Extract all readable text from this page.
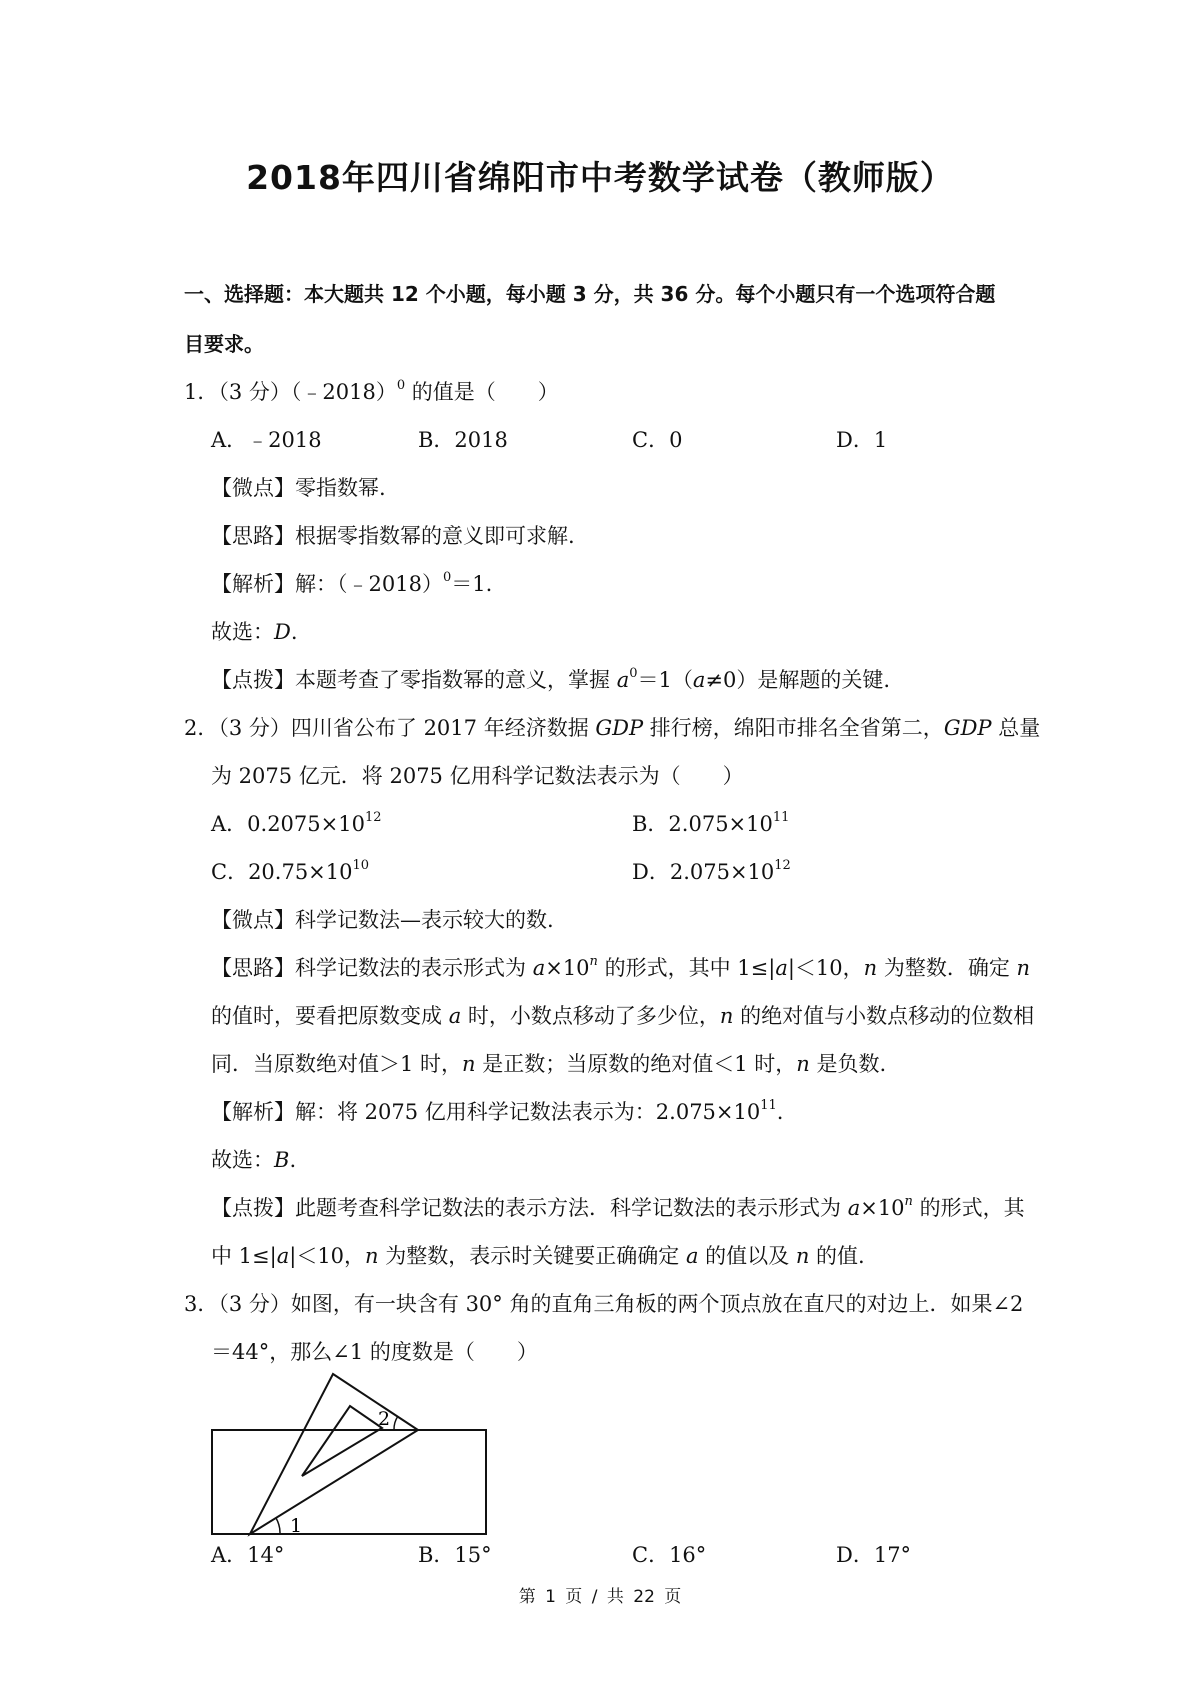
2018年四川省绵阳市中考数学试卷（教师版）
一、选择题：本大题共 12 个小题，每小题 3 分，共 36 分。每个小题只有一个选项符合题
目要求。
1．（3 分）（﹣2018）$^0$ 的值是（　　）
A．﹣2018	B．2018	C．0	D．1
【微点】零指数幂.
【思路】根据零指数幂的意义即可求解.
【解析】解：（﹣2018）$^0$＝1.
故选：D.
【点拨】本题考查了零指数幂的意义，掌握 $a^0=1(a\ne 0)$是解题的关键.
2．（3 分）四川省公布了 2017 年经济数据 GDP 排行榜，绵阳市排名全省第二，GDP 总量
为 2075 亿元．将 2075 亿用科学记数法表示为（　　）
A．$0.2075\times 10^{12}$	B．$2.075\times 10^{11}$
C．$20.75\times 10^{10}$	D．$2.075\times 10^{12}$
【微点】科学记数法—表示较大的数.
【思路】科学记数法的表示形式为 $a\times 10^n$ 的形式，其中 1≤|a|＜10，n 为整数．确定 n
的值时，要看把原数变成 a 时，小数点移动了多少位，n 的绝对值与小数点移动的位数相
同．当原数绝对值＞1 时，n 是正数；当原数的绝对值＜1 时，n 是负数.
【解析】解：将 2075 亿用科学记数法表示为：$2.075\times 10^{11}$.
故选：B.
【点拨】此题考查科学记数法的表示方法．科学记数法的表示形式为 $a\times 10^n$ 的形式，其
中 1≤|a|＜10，n 为整数，表示时关键要正确确定 a 的值以及 n 的值.
3．（3 分）如图，有一块含有 30° 角的直角三角板的两个顶点放在直尺的对边上．如果∠2
＝44°，那么∠1 的度数是（　　）
1
2
A．14°	B．15°	C．16°	D．17°
第 1 页 / 共 22 页
